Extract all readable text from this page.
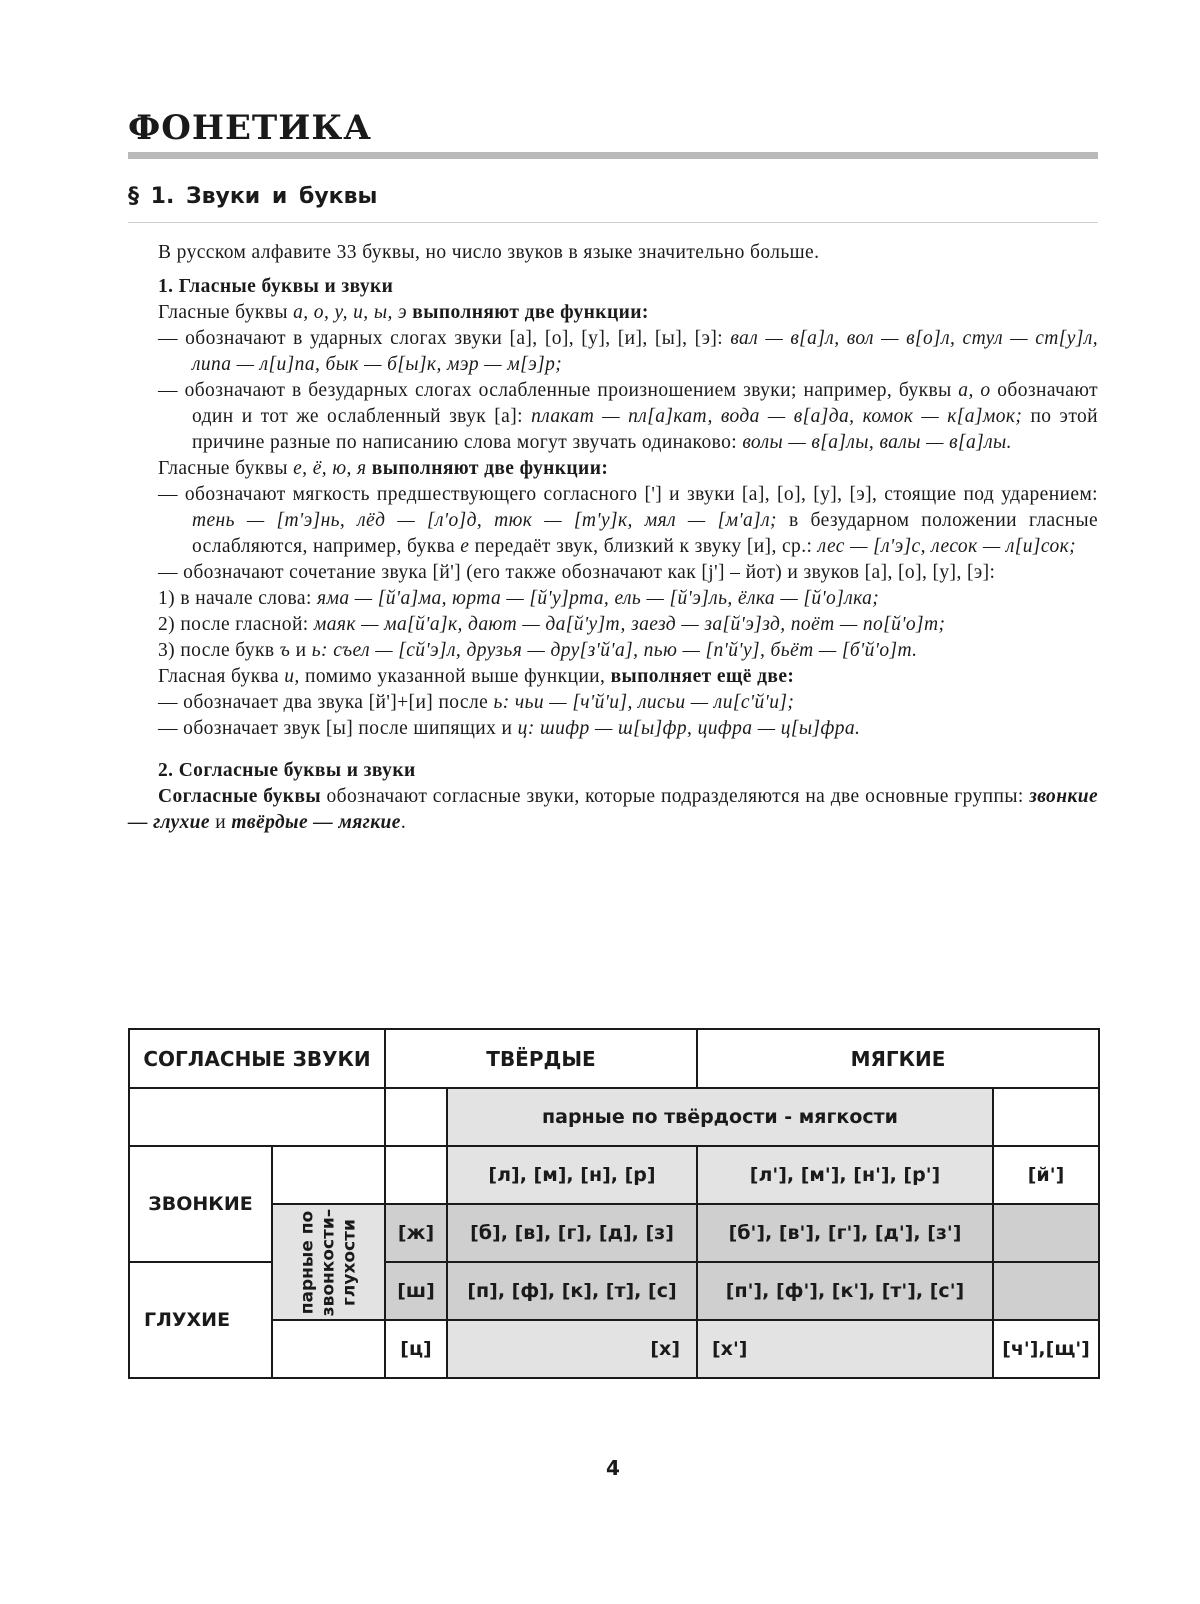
ФОНЕТИКА
§ 1. Звуки и буквы

В русском алфавите 33 буквы, но число звуков в языке значительно больше.

1. Гласные буквы и звуки

Гласные буквы а, о, у, и, ы, э выполняют две функции:

— обозначают в ударных слогах звуки [а], [о], [у], [и], [ы], [э]: вал — в[а]л, вол — в[о]л, стул — ст[у]л, липа — л[и]па, бык — б[ы]к, мэр — м[э]р;

— обозначают в безударных слогах ослабленные произношением звуки; например, буквы а, о обозначают один и тот же ослабленный звук [а]: плакат — пл[а]кат, вода — в[а]да, комок — к[а]мок; по этой причине разные по написанию слова могут звучать одинаково: волы — в[а]лы, валы — в[а]лы.

Гласные буквы е, ё, ю, я выполняют две функции:

— обозначают мягкость предшествующего согласного ['] и звуки [а], [о], [у], [э], стоящие под ударением: тень — [т'э]нь, лёд — [л'о]д, тюк — [т'у]к, мял — [м'а]л; в безударном положении гласные ослабляются, например, буква е передаёт звук, близкий к звуку [и], ср.: лес — [л'э]с, лесок — л[и]сок;

— обозначают сочетание звука [й'] (его также обозначают как [j'] – йот) и звуков [а], [о], [у], [э]:

1) в начале слова: яма — [й'а]ма, юрта — [й'у]рта, ель — [й'э]ль, ёлка — [й'о]лка;

2) после гласной: маяк — ма[й'а]к, дают — да[й'у]т, заезд — за[й'э]зд, поёт — по[й'о]т;

3) после букв ъ и ь: съел — [сй'э]л, друзья — дру[з'й'а], пью — [п'й'у], бьёт — [б'й'о]т.

Гласная буква и, помимо указанной выше функции, выполняет ещё две:

— обозначает два звука [й']+[и] после ь: чьи — [ч'й'и], лисьи — ли[с'й'и];

— обозначает звук [ы] после шипящих и ц: шифр — ш[ы]фр, цифра — ц[ы]фра.

2. Согласные буквы и звуки

Согласные буквы обозначают согласные звуки, которые подразделяются на две основные группы: звонкие — глухие и твёрдые — мягкие.

СОГЛАСНЫЕ ЗВУКИ		ТВЁРДЫЕ		МЯГКИЕ	
			парные по твёрдости - мягкости		
ЗВОНКИЕ			[л], [м], [н], [р]	[л'], [м'], [н'], [р']	[й']
	парные по
звонкости–
глухости	[ж]	[б], [в], [г], [д], [з]	[б'], [в'], [г'], [д'], [з']	
ГЛУХИЕ		[ш]	[п], [ф], [к], [т], [с]	[п'], [ф'], [к'], [т'], [с']	
		[ц]	[х]	[х']	[ч'],[щ']
4
